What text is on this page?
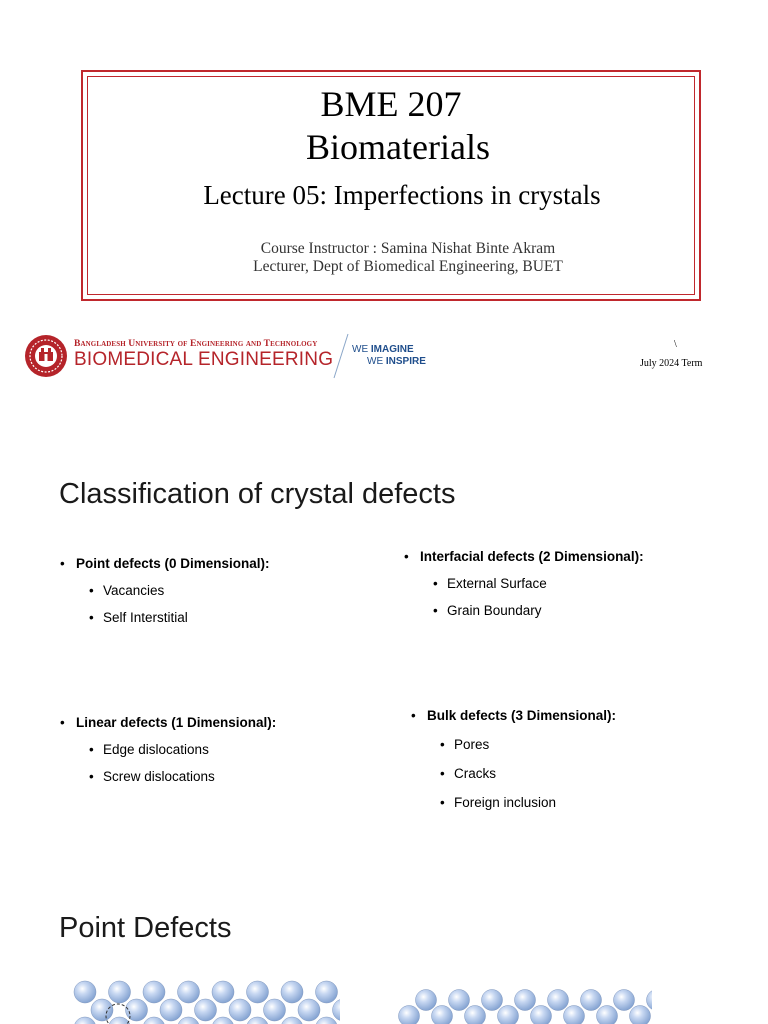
BME 207
Biomaterials
Lecture 05: Imperfections in crystals
Course Instructor : Samina Nishat Binte Akram
Lecturer, Dept of Biomedical Engineering, BUET
Bangladesh University of Engineering and Technology
BIOMEDICAL ENGINEERING WE IMAGINE
WE INSPIRE
\
July 2024 Term
Classification of crystal defects
• Point defects (0 Dimensional):
• Vacancies
• Self Interstitial
• Interfacial defects (2 Dimensional):
• External Surface
• Grain Boundary
• Linear defects (1 Dimensional):
• Edge dislocations
• Screw dislocations
• Bulk defects (3 Dimensional):
• Pores
• Cracks
• Foreign inclusion
Point Defects
